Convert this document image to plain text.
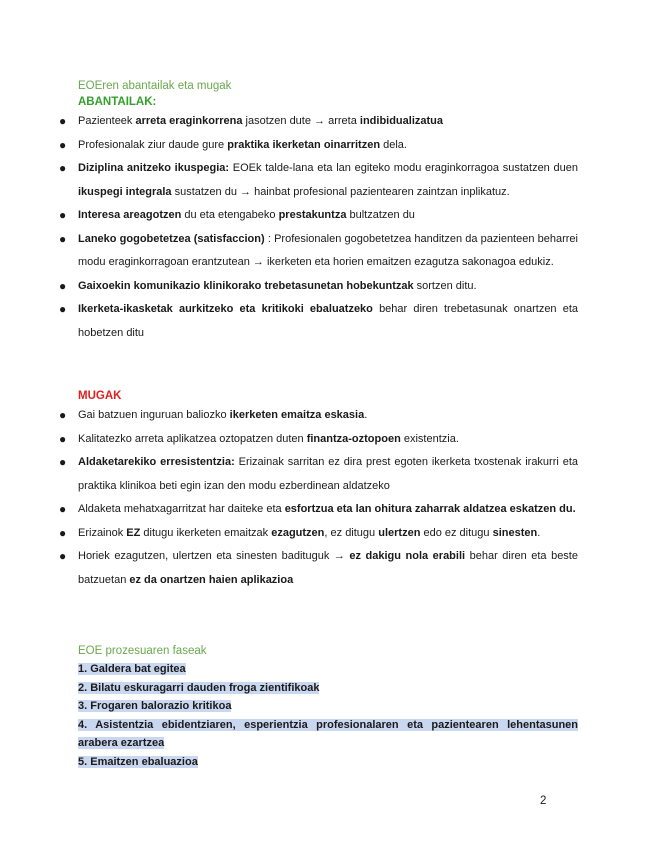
EOEren abantailak eta mugak
ABANTAILAK:
● Pazienteek arreta eraginkorrena jasotzen dute → arreta indibidualizatua
● Profesionalak ziur daude gure praktika ikerketan oinarritzen dela.
● Diziplina anitzeko ikuspegia: EOEk talde-lana eta lan egiteko modu eraginkorragoa sustatzen duen ikuspegi integrala sustatzen du → hainbat profesional pazientearen zaintzan inplikatuz.
● Interesa areagotzen du eta etengabeko prestakuntza bultzatzen du
● Laneko gogobetetzea (satisfaccion) : Profesionalen gogobetetzea handitzen da pazienteen beharrei modu eraginkorragoan erantzutean → ikerketen eta horien emaitzen ezagutza sakonagoa edukiz.
● Gaixoekin komunikazio klinikorako trebetasunetan hobekuntzak sortzen ditu.
● Ikerketa-ikasketak aurkitzeko eta kritikoki ebaluatzeko behar diren trebetasunak onartzen eta hobetzen ditu
MUGAK
● Gai batzuen inguruan baliozko ikerketen emaitza eskasia.
● Kalitatezko arreta aplikatzea oztopatzen duten finantza-oztopoen existentzia.
● Aldaketarekiko erresistentzia: Erizainak sarritan ez dira prest egoten ikerketa txostenak irakurri eta praktika klinikoa beti egin izan den modu ezberdinean aldatzeko
● Aldaketa mehatxagarritzat har daiteke eta esfortzua eta lan ohitura zaharrak aldatzea eskatzen du.
● Erizainok EZ ditugu ikerketen emaitzak ezagutzen, ez ditugu ulertzen edo ez ditugu sinesten.
● Horiek ezagutzen, ulertzen eta sinesten badituguk → ez dakigu nola erabili behar diren eta beste batzuetan ez da onartzen haien aplikazioa
EOE prozesuaren faseak
1. Galdera bat egitea
2. Bilatu eskuragarri dauden froga zientifikoak
3. Frogaren balorazio kritikoa
4. Asistentzia ebidentziaren, esperientzia profesionalaren eta pazientearen lehentasunen arabera ezartzea
5. Emaitzen ebaluazioa
2
